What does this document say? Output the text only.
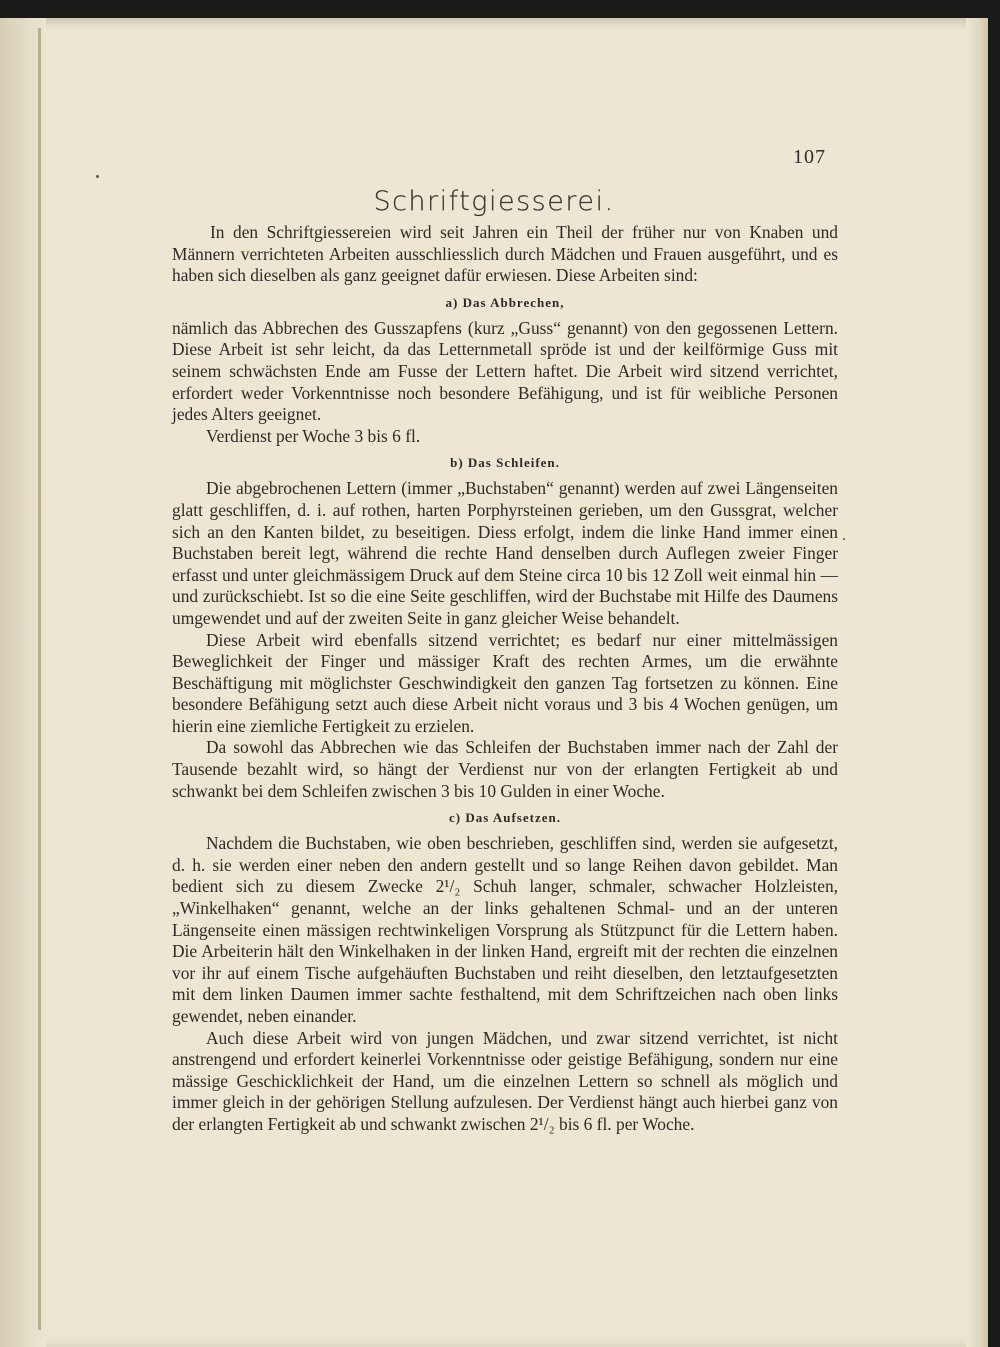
107
Schriftgiesserei.

In den Schriftgiessereien wird seit Jahren ein Theil der früher nur von Knaben und Männern verrichteten Arbeiten ausschliesslich durch Mädchen und Frauen ausgeführt, und es haben sich dieselben als ganz geeignet dafür erwiesen. Diese Arbeiten sind:

a) Das Abbrechen,

nämlich das Abbrechen des Gusszapfens (kurz „Guss“ genannt) von den gegossenen Lettern. Diese Arbeit ist sehr leicht, da das Letternmetall spröde ist und der keilförmige Guss mit seinem schwächsten Ende am Fusse der Lettern haftet. Die Arbeit wird sitzend verrichtet, erfordert weder Vorkenntnisse noch besondere Befähigung, und ist für weibliche Personen jedes Alters geeignet.

Verdienst per Woche 3 bis 6 fl.

b) Das Schleifen.

Die abgebrochenen Lettern (immer „Buchstaben“ genannt) werden auf zwei Längenseiten glatt geschliffen, d. i. auf rothen, harten Porphyrsteinen gerieben, um den Gussgrat, welcher sich an den Kanten bildet, zu beseitigen. Diess erfolgt, indem die linke Hand immer einen Buchstaben bereit legt, während die rechte Hand denselben durch Auflegen zweier Finger erfasst und unter gleichmässigem Druck auf dem Steine circa 10 bis 12 Zoll weit einmal hin — und zurückschiebt. Ist so die eine Seite geschliffen, wird der Buchstabe mit Hilfe des Daumens umgewendet und auf der zweiten Seite in ganz gleicher Weise behandelt.

Diese Arbeit wird ebenfalls sitzend verrichtet; es bedarf nur einer mittelmässigen Beweglichkeit der Finger und mässiger Kraft des rechten Armes, um die erwähnte Beschäftigung mit möglichster Geschwindigkeit den ganzen Tag fortsetzen zu können. Eine besondere Befähigung setzt auch diese Arbeit nicht voraus und 3 bis 4 Wochen genügen, um hierin eine ziemliche Fertigkeit zu erzielen.

Da sowohl das Abbrechen wie das Schleifen der Buchstaben immer nach der Zahl der Tausende bezahlt wird, so hängt der Verdienst nur von der erlangten Fertigkeit ab und schwankt bei dem Schleifen zwischen 3 bis 10 Gulden in einer Woche.

c) Das Aufsetzen.

Nachdem die Buchstaben, wie oben beschrieben, geschliffen sind, werden sie aufgesetzt, d. h. sie werden einer neben den andern gestellt und so lange Reihen davon gebildet. Man bedient sich zu diesem Zwecke 2¹/₂ Schuh langer, schmaler, schwacher Holzleisten, „Winkelhaken“ genannt, welche an der links gehaltenen Schmal- und an der unteren Längenseite einen mässigen rechtwinkeligen Vorsprung als Stützpunct für die Lettern haben. Die Arbeiterin hält den Winkelhaken in der linken Hand, ergreift mit der rechten die einzelnen vor ihr auf einem Tische aufgehäuften Buchstaben und reiht dieselben, den letztaufgesetzten mit dem linken Daumen immer sachte festhaltend, mit dem Schriftzeichen nach oben links gewendet, neben einander.

Auch diese Arbeit wird von jungen Mädchen, und zwar sitzend verrichtet, ist nicht anstrengend und erfordert keinerlei Vorkenntnisse oder geistige Befähigung, sondern nur eine mässige Geschicklichkeit der Hand, um die einzelnen Lettern so schnell als möglich und immer gleich in der gehörigen Stellung aufzulesen. Der Verdienst hängt auch hierbei ganz von der erlangten Fertigkeit ab und schwankt zwischen 2¹/₂ bis 6 fl. per Woche.
